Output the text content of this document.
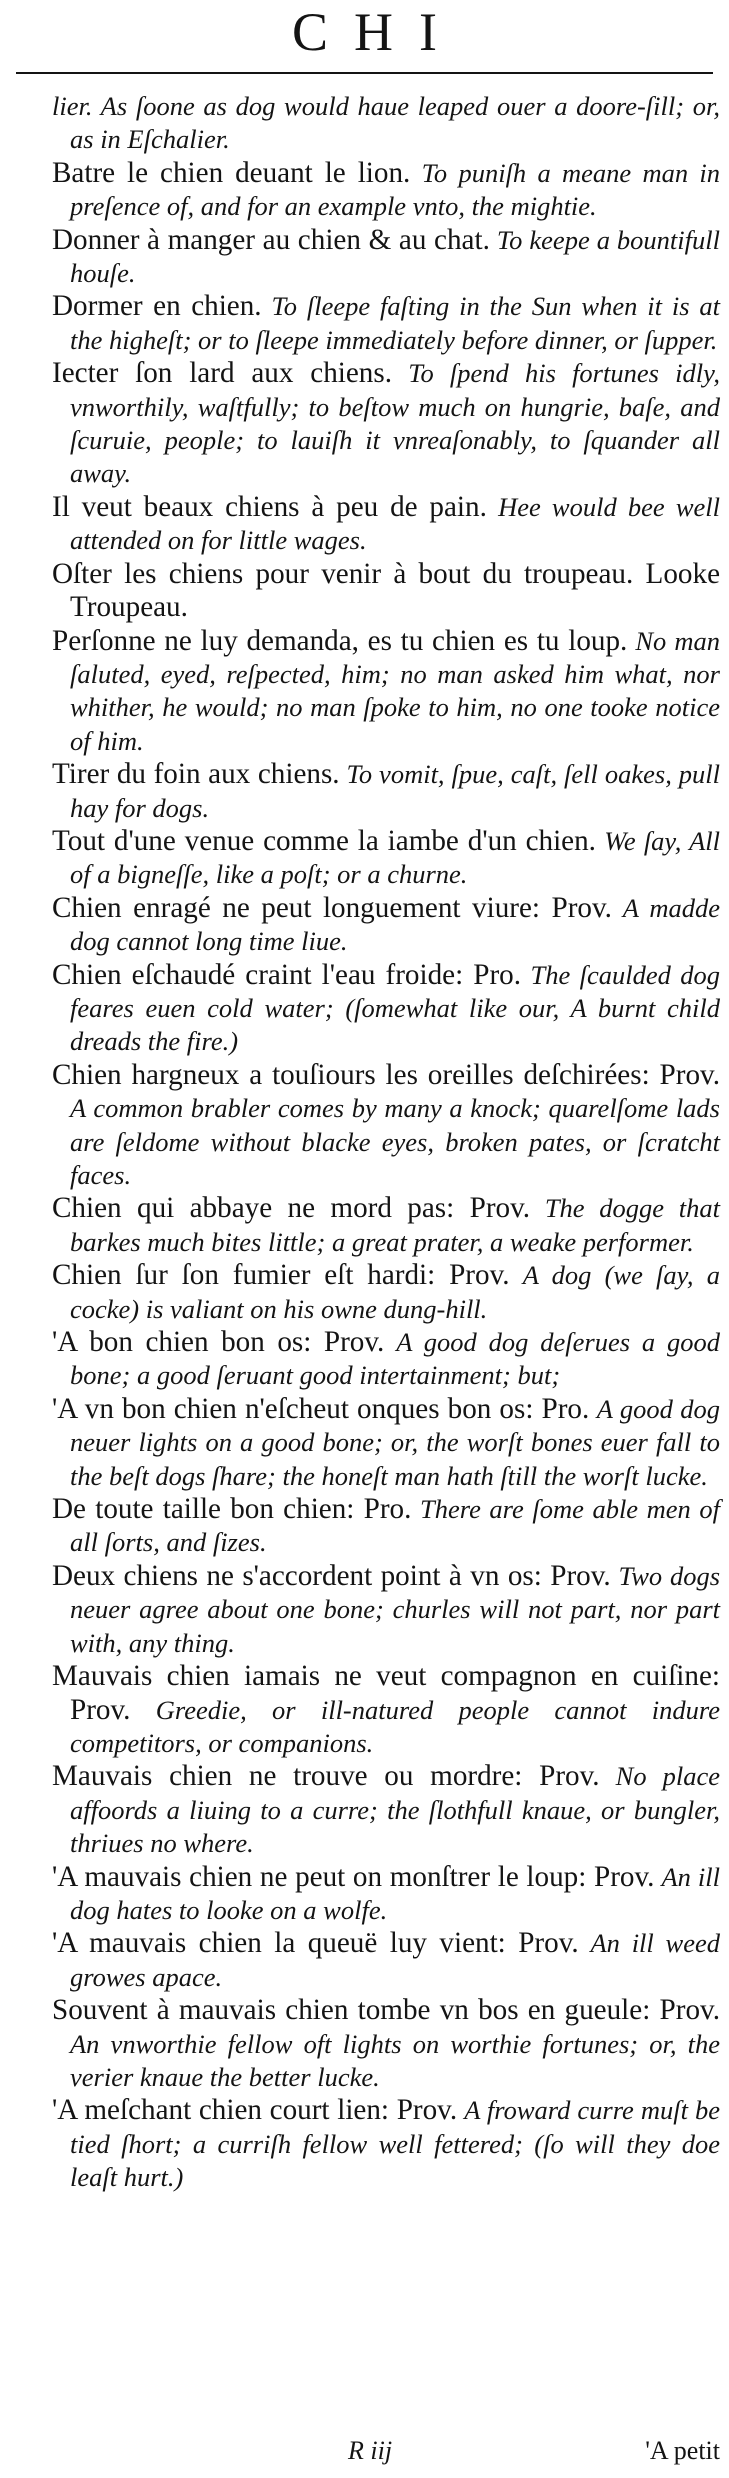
CHI

lier. As ſoone as dog would haue leaped ouer a doore-ſill; or, as in Eſchalier.

Batre le chien deuant le lion. To puniſh a meane man in preſence of, and for an example vnto, the mightie.

Donner à manger au chien & au chat. To keepe a bountifull houſe.

Dormer en chien. To ſleepe faſting in the Sun when it is at the higheſt; or to ſleepe immediately before dinner, or ſupper.

Iecter ſon lard aux chiens. To ſpend his fortunes idly, vnworthily, waſtfully; to beſtow much on hungrie, baſe, and ſcuruie, people; to lauiſh it vnreaſonably, to ſquander all away.

Il veut beaux chiens à peu de pain. Hee would bee well attended on for little wages.

Oſter les chiens pour venir à bout du troupeau. Looke Troupeau.

Perſonne ne luy demanda, es tu chien es tu loup. No man ſaluted, eyed, reſpected, him; no man asked him what, nor whither, he would; no man ſpoke to him, no one tooke notice of him.

Tirer du foin aux chiens. To vomit, ſpue, caſt, ſell oakes, pull hay for dogs.

Tout d'une venue comme la iambe d'un chien. We ſay, All of a bigneſſe, like a poſt; or a churne.

Chien enragé ne peut longuement viure: Prov. A madde dog cannot long time liue.

Chien eſchaudé craint l'eau froide: Pro. The ſcaulded dog feares euen cold water; (ſomewhat like our, A burnt child dreads the fire.)

Chien hargneux a touſiours les oreilles deſchirées: Prov. A common brabler comes by many a knock; quarelſome lads are ſeldome without blacke eyes, broken pates, or ſcratcht faces.

Chien qui abbaye ne mord pas: Prov. The dogge that barkes much bites little; a great prater, a weake performer.

Chien ſur ſon fumier eſt hardi: Prov. A dog (we ſay, a cocke) is valiant on his owne dung-hill.

'A bon chien bon os: Prov. A good dog deſerues a good bone; a good ſeruant good intertainment; but;

'A vn bon chien n'eſcheut onques bon os: Pro. A good dog neuer lights on a good bone; or, the worſt bones euer fall to the beſt dogs ſhare; the honeſt man hath ſtill the worſt lucke.

De toute taille bon chien: Pro. There are ſome able men of all ſorts, and ſizes.

Deux chiens ne s'accordent point à vn os: Prov. Two dogs neuer agree about one bone; churles will not part, nor part with, any thing.

Mauvais chien iamais ne veut compagnon en cuiſine: Prov. Greedie, or ill-natured people cannot indure competitors, or companions.

Mauvais chien ne trouve ou mordre: Prov. No place affoords a liuing to a curre; the ſlothfull knaue, or bungler, thriues no where.

'A mauvais chien ne peut on monſtrer le loup: Prov. An ill dog hates to looke on a wolfe.

'A mauvais chien la queuë luy vient: Prov. An ill weed growes apace.

Souvent à mauvais chien tombe vn bos en gueule: Prov. An vnworthie fellow oft lights on worthie fortunes; or, the verier knaue the better lucke.

'A meſchant chien court lien: Prov. A froward curre muſt be tied ſhort; a curriſh fellow well fettered; (ſo will they doe leaſt hurt.)

R iij	'A petit
